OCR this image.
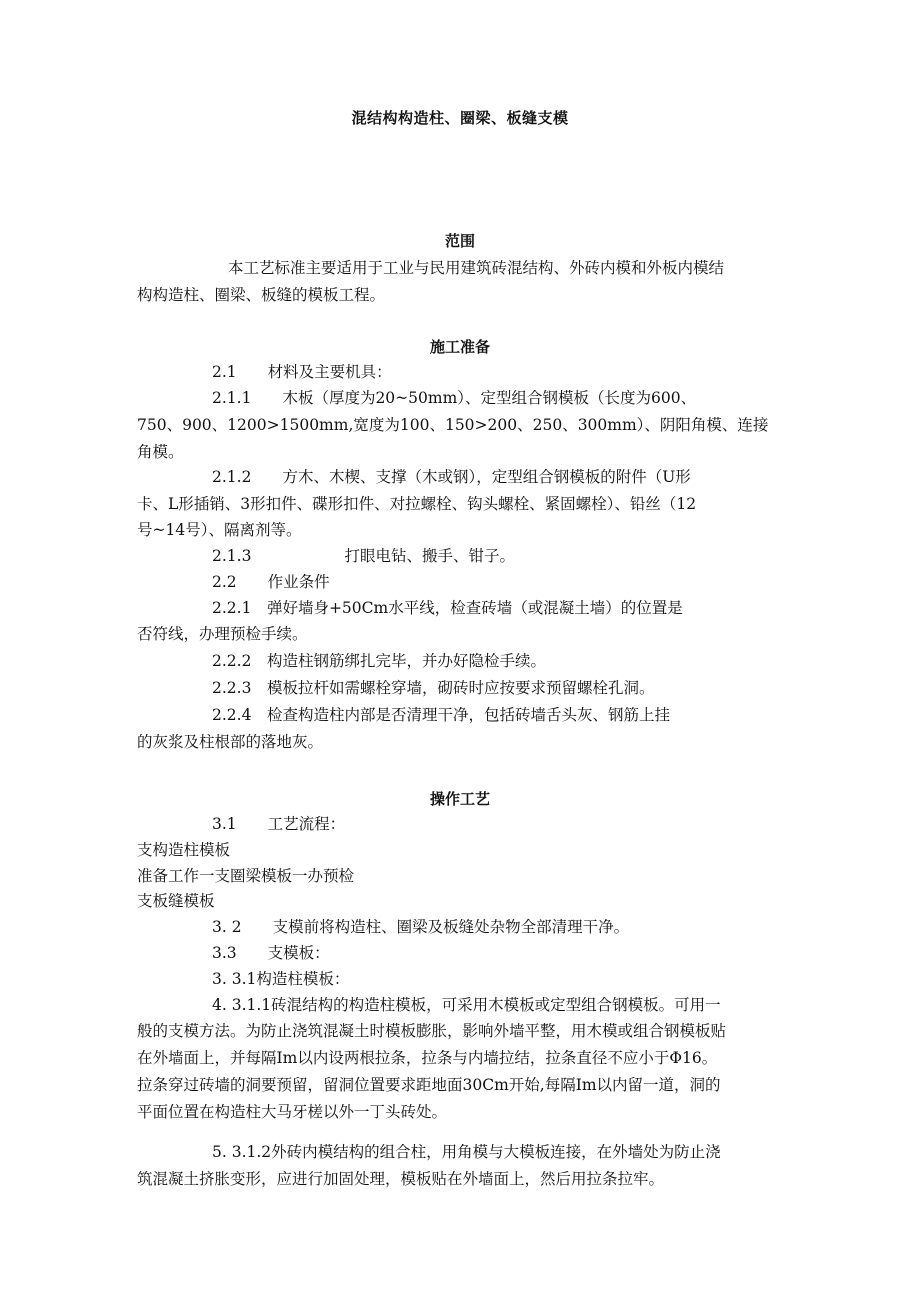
混结构构造柱、圈梁、板缝支模
范围
本工艺标准主要适用于工业与民用建筑砖混结构、外砖内模和外板内模结
构构造柱、圈梁、板缝的模板工程。
施工准备
2.1　　材料及主要机具：
2.1.1　　木板（厚度为20~50mm）、定型组合钢模板（长度为600、
750、900、1200>1500mm,宽度为100、150>200、250、300mm）、阴阳角模、连接
角模。
2.1.2　　方木、木楔、支撑（木或钢），定型组合钢模板的附件（U形
卡、L形插销、3形扣件、碟形扣件、对拉螺栓、钩头螺栓、紧固螺栓）、铅丝（12
号~14号）、隔离剂等。
2.1.3　　　　　　打眼电钻、搬手、钳子。
2.2　　作业条件
2.2.1　弹好墙身+50Cm水平线，检查砖墙（或混凝土墙）的位置是
否符线，办理预检手续。
2.2.2　构造柱钢筋绑扎完毕，并办好隐检手续。
2.2.3　模板拉杆如需螺栓穿墙，砌砖时应按要求预留螺栓孔洞。
2.2.4　检查构造柱内部是否清理干净，包括砖墙舌头灰、钢筋上挂
的灰浆及柱根部的落地灰。
操作工艺
3.1　　工艺流程：
支构造柱模板
准备工作一支圈梁模板一办预检
支板缝模板
3. 2　　支模前将构造柱、圈梁及板缝处杂物全部清理干净。
3.3　　支模板：
3. 3.1构造柱模板：
4. 3.1.1砖混结构的构造柱模板，可采用木模板或定型组合钢模板。可用一
般的支模方法。为防止浇筑混凝土时模板膨胀，影响外墙平整，用木模或组合钢模板贴
在外墙面上，并每隔Im以内设两根拉条，拉条与内墙拉结，拉条直径不应小于Φ16。
拉条穿过砖墙的洞要预留，留洞位置要求距地面30Cm开始,每隔Im以内留一道，洞的
平面位置在构造柱大马牙槎以外一丁头砖处。
5. 3.1.2外砖内模结构的组合柱，用角模与大模板连接，在外墙处为防止浇
筑混凝土挤胀变形，应进行加固处理，模板贴在外墙面上，然后用拉条拉牢。
